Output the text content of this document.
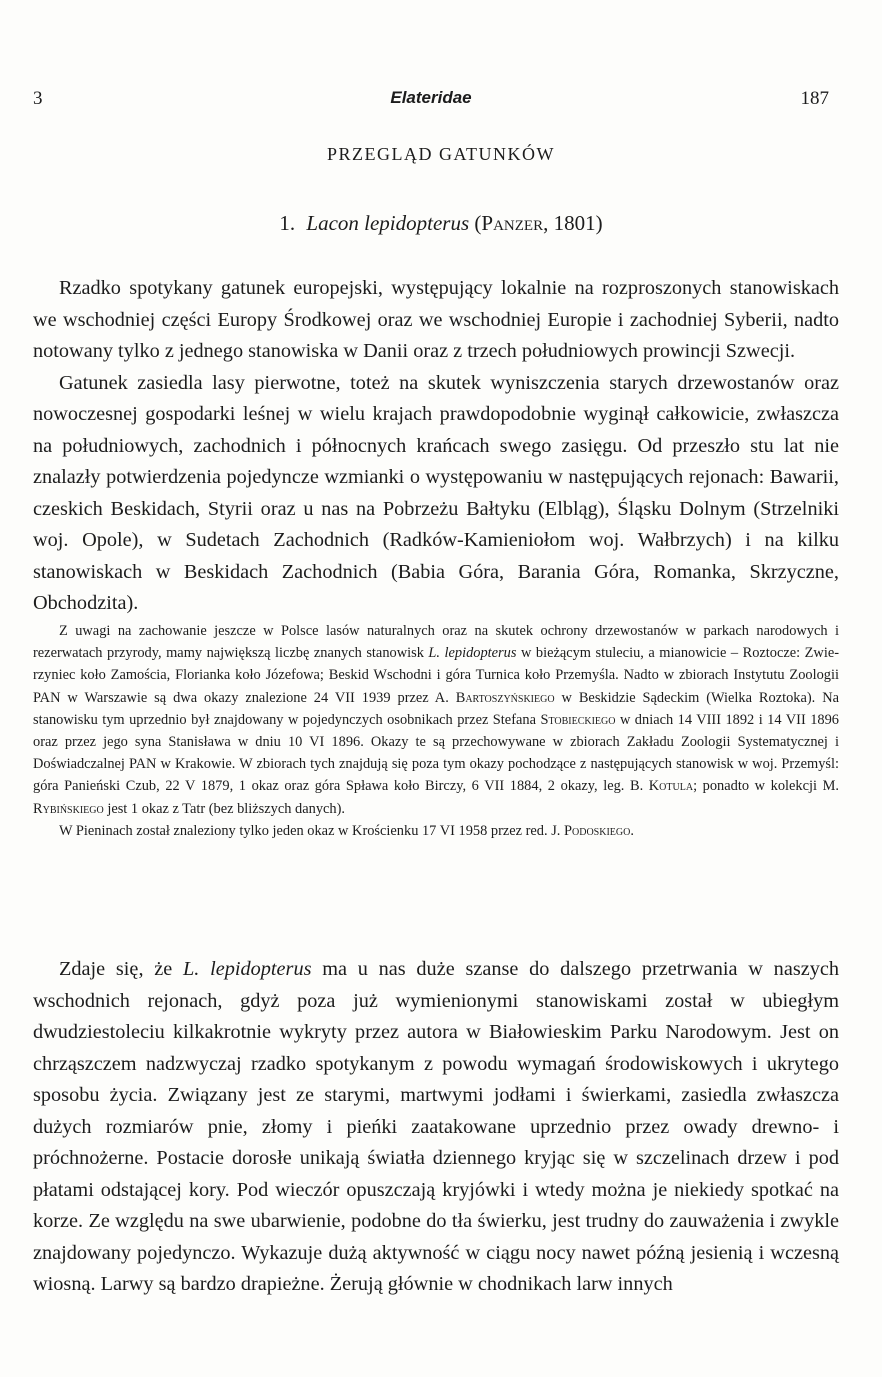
3	Elateridae	187
PRZEGLĄD GATUNKÓW
1. Lacon lepidopterus (Panzer, 1801)

Rzadko spotykany gatunek europejski, występujący lokalnie na rozproszonych stanowiskach we wschodniej części Europy Środkowej oraz we wschodniej Europie i zachodniej Syberii, nadto notowany tylko z jednego stanowiska w Danii oraz z trzech południowych prowincji Szwecji.

Gatunek zasiedla lasy pierwotne, toteż na skutek wyniszczenia starych drzewostanów oraz nowoczesnej gospodarki leśnej w wielu krajach prawdopodobnie wyginął całkowicie, zwłaszcza na południowych, zachodnich i północnych krańcach swego zasięgu. Od przeszło stu lat nie znalazły potwierdzenia pojedyncze wzmianki o występowaniu w następujących rejonach: Bawarii, czeskich Beskidach, Styrii oraz u nas na Pobrzeżu Bałtyku (Elbląg), Śląsku Dolnym (Strzelniki woj. Opole), w Sudetach Zachodnich (Radków-Kamieniołom woj. Wałbrzych) i na kilku stanowiskach w Beskidach Zachodnich (Babia Góra, Barania Góra, Romanka, Skrzyczne, Obchodzita).

Z uwagi na zachowanie jeszcze w Polsce lasów naturalnych oraz na skutek ochrony drzewostanów w parkach narodowych i rezerwatach przyrody, mamy największą liczbę znanych stanowisk L. lepidopterus w bieżącym stuleciu, a mianowicie – Roztocze: Zwierzyniec koło Zamościa, Florianka koło Józefowa; Beskid Wschodni i góra Turnica koło Przemyśla. Nadto w zbiorach Instytutu Zoologii PAN w Warszawie są dwa okazy znalezione 24 VII 1939 przez A. Bartoszyńskiego w Beskidzie Sądeckim (Wielka Roztoka). Na stanowisku tym uprzednio był znajdowany w pojedynczych osobnikach przez Stefana Stobieckiego w dniach 14 VIII 1892 i 14 VII 1896 oraz przez jego syna Stanisława w dniu 10 VI 1896. Okazy te są przechowywane w zbiorach Zakładu Zoologii Systematycznej i Doświadczalnej PAN w Krakowie. W zbiorach tych znajdują się poza tym okazy pochodzące z następujących stanowisk w woj. Przemyśl: góra Panieński Czub, 22 V 1879, 1 okaz oraz góra Spława koło Birczy, 6 VII 1884, 2 okazy, leg. B. Kotula; ponadto w kolekcji M. Rybińskiego jest 1 okaz z Tatr (bez bliższych danych).

W Pieninach został znaleziony tylko jeden okaz w Krościenku 17 VI 1958 przez red. J. Podoskiego.

Zdaje się, że L. lepidopterus ma u nas duże szanse do dalszego przetrwania w naszych wschodnich rejonach, gdyż poza już wymienionymi stanowiskami został w ubiegłym dwudziestoleciu kilkakrotnie wykryty przez autora w Białowieskim Parku Narodowym. Jest on chrząszczem nadzwyczaj rzadko spotykanym z powodu wymagań środowiskowych i ukrytego sposobu życia. Związany jest ze starymi, martwymi jodłami i świerkami, zasiedla zwłaszcza dużych rozmiarów pnie, złomy i pieńki zaatakowane uprzednio przez owady drewno- i próchnożerne. Postacie dorosłe unikają światła dziennego kryjąc się w szczelinach drzew i pod płatami odstającej kory. Pod wieczór opuszczają kryjówki i wtedy można je niekiedy spotkać na korze. Ze względu na swe ubarwienie, podobne do tła świerku, jest trudny do zauważenia i zwykle znajdowany pojedynczo. Wykazuje dużą aktywność w ciągu nocy nawet późną jesienią i wczesną wiosną. Larwy są bardzo drapieżne. Żerują głównie w chodnikach larw innych
